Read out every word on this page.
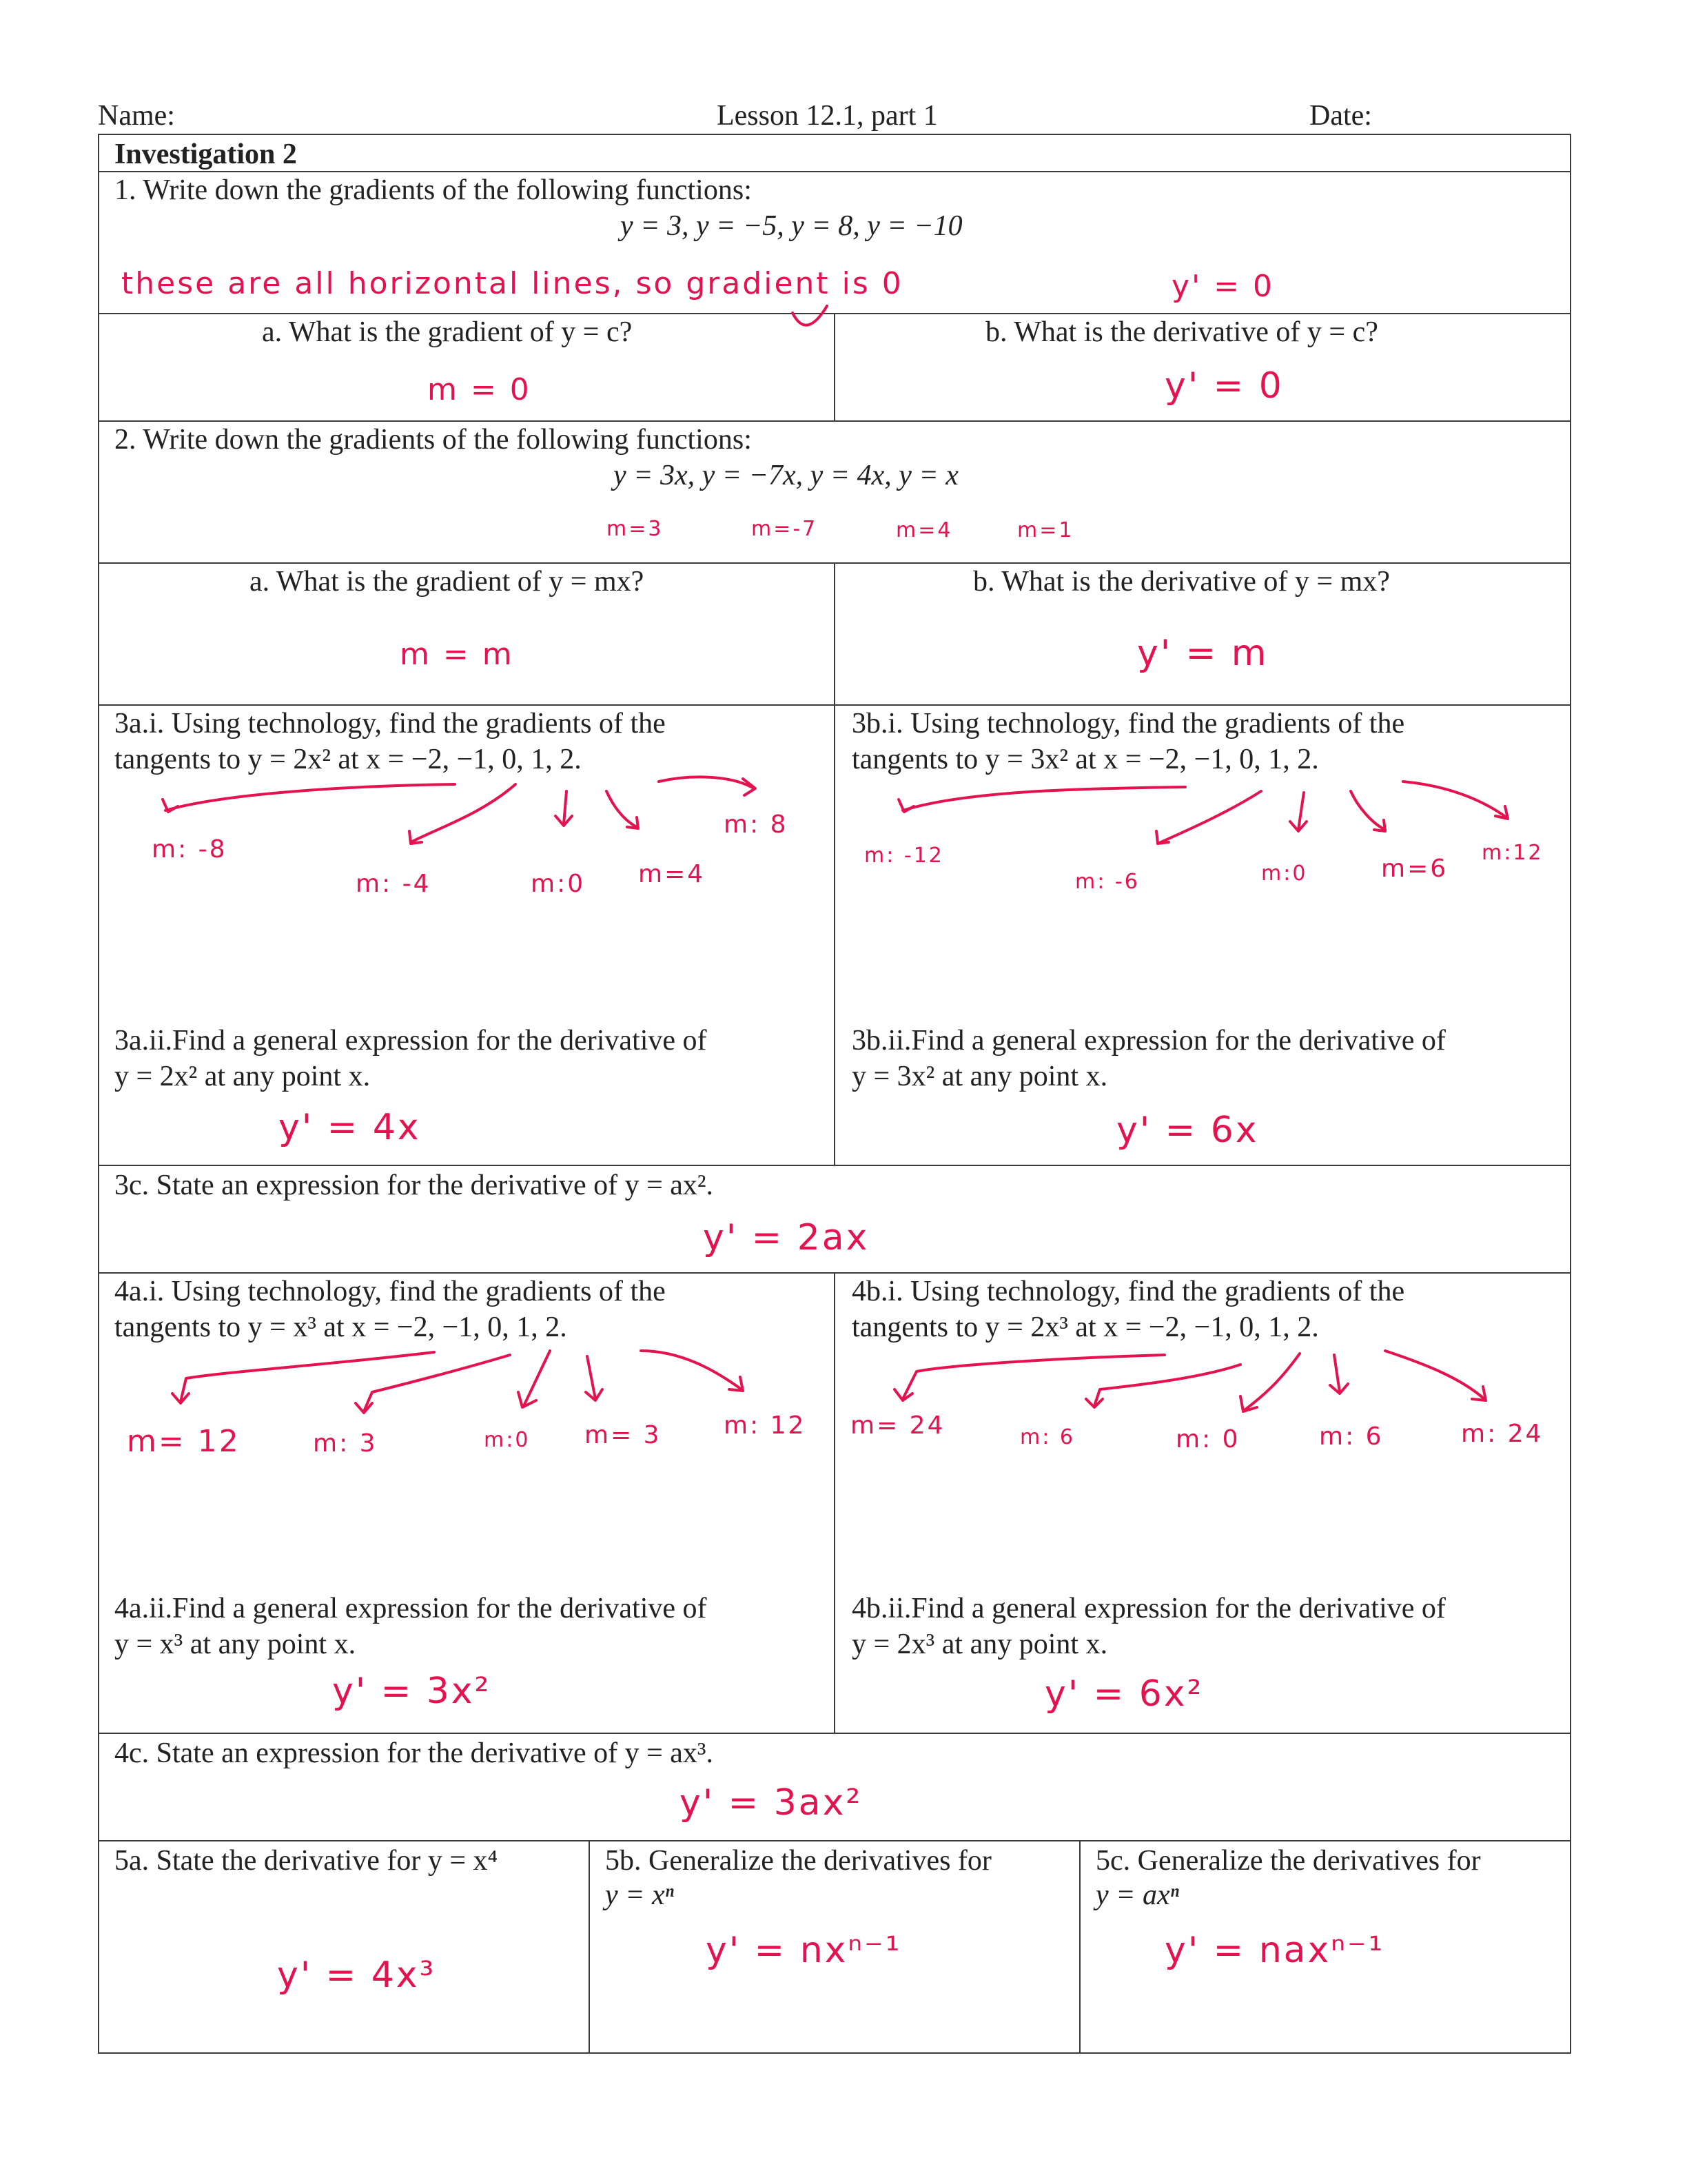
Name:	Lesson 12.1, part 1	Date:
Investigation 2
1. Write down the gradients of the following functions:
y = 3, y = −5, y = 8, y = −10
these are all horizontal lines, so gradient is 0	y' = 0
a. What is the gradient of y = c?
m = 0
b. What is the derivative of y = c?
y' = 0
2. Write down the gradients of the following functions:
y = 3x, y = −7x, y = 4x, y = x
m=3	m=-7	m=4	m=1
a. What is the gradient of y = mx?
m = m
b. What is the derivative of y = mx?
y' = m
3a.i. Using technology, find the gradients of the
tangents to y = 2x² at x = −2, −1, 0, 1, 2.
m: -8
m: -4	m:0 m=4
m: 8
3b.i. Using technology, find the gradients of the
tangents to y = 3x² at x = −2, −1, 0, 1, 2.
m: -12
m: -6	m:0	m=6
m:12
3a.ii.Find a general expression for the derivative of
y = 2x² at any point x.
y' = 4x
3b.ii.Find a general expression for the derivative of
y = 3x² at any point x.
y' = 6x
3c. State an expression for the derivative of y = ax².
y' = 2ax
4a.i. Using technology, find the gradients of the
tangents to y = x³ at x = −2, −1, 0, 1, 2.
m= 12	m: 3	m:0 m= 3	m: 12
4b.i. Using technology, find the gradients of the
tangents to y = 2x³ at x = −2, −1, 0, 1, 2.
m= 24	m: 6	m: 0	m: 6	m: 24
4a.ii.Find a general expression for the derivative of
y = x³ at any point x.
y' = 3x²
4b.ii.Find a general expression for the derivative of
y = 2x³ at any point x.
y' = 6x²
4c. State an expression for the derivative of y = ax³.
y' = 3ax²
5a. State the derivative for y = x⁴
y' = 4x³
5b. Generalize the derivatives for
y = xⁿ
y' = nxⁿ⁻¹
5c. Generalize the derivatives for
y = axⁿ
y' = naxⁿ⁻¹
